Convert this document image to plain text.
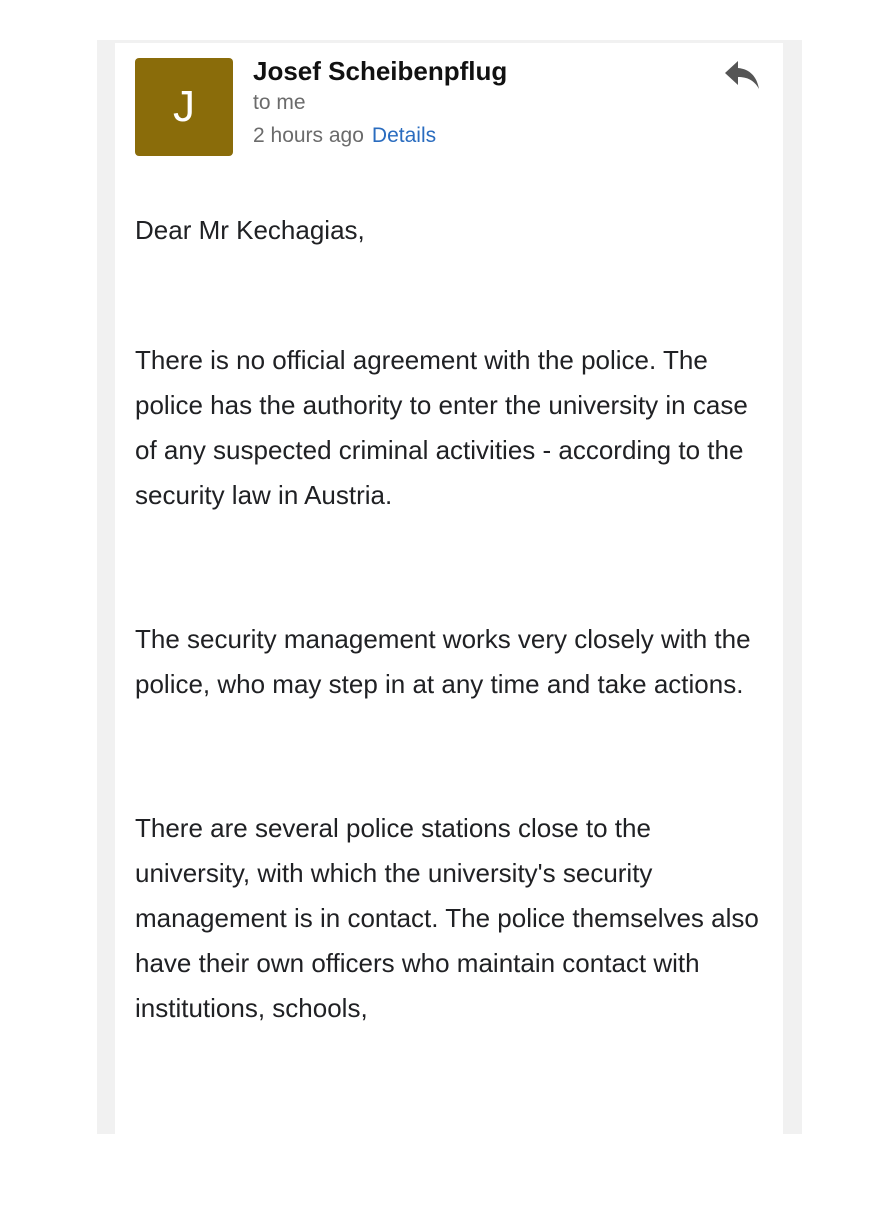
J
Josef Scheibenpflug
to me
2 hours ago Details

Dear Mr Kechagias,

There is no official agreement with the police. The police has the authority to enter the university in case of any suspected criminal activities - according to the security law in Austria.

The security management works very closely with the police, who may step in at any time and take actions.

There are several police stations close to the university, with which the university's security management is in contact. The police themselves also have their own officers who maintain contact with institutions, schools,
